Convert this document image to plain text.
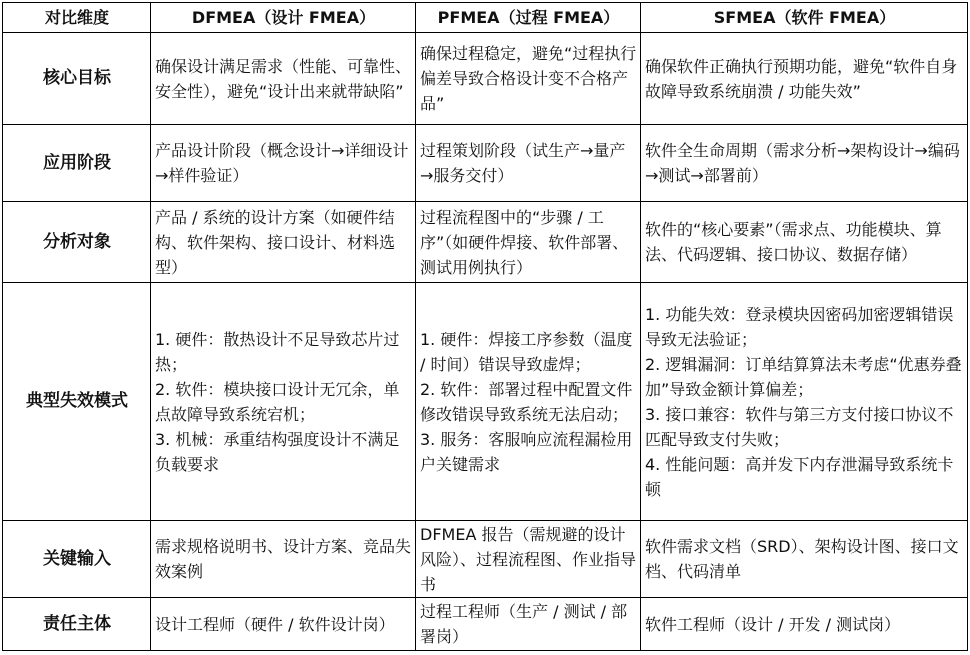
对比维度	DFMEA（设计 FMEA）	PFMEA（过程 FMEA）	SFMEA（软件 FMEA）
核心目标	确保设计满足需求（性能、可靠性、安全性），避免“设计出来就带缺陷”	确保过程稳定，避免“过程执行偏差导致合格设计变不合格产品”	确保软件正确执行预期功能，避免“软件自身故障导致系统崩溃 / 功能失效”

应用阶段	产品设计阶段（概念设计→详细设计→样件验证）	过程策划阶段（试生产→量产→服务交付）	软件全生命周期（需求分析→架构设计→编码→测试→部署前）

分析对象	产品 / 系统的设计方案（如硬件结构、软件架构、接口设计、材料选型）	过程流程图中的“步骤 / 工序”（如硬件焊接、软件部署、测试用例执行）	软件的“核心要素”（需求点、功能模块、算法、代码逻辑、接口协议、数据存储）

典型失效模式	1. 硬件：散热设计不足导致芯片过热；
2. 软件：模块接口设计无冗余，单点故障导致系统宕机；
3. 机械：承重结构强度设计不满足负载要求	1. 硬件：焊接工序参数（温度 / 时间）错误导致虚焊；
2. 软件：部署过程中配置文件修改错误导致系统无法启动；
3. 服务：客服响应流程漏检用户关键需求	1. 功能失效：登录模块因密码加密逻辑错误导致无法验证；
2. 逻辑漏洞：订单结算算法未考虑“优惠券叠加”导致金额计算偏差；
3. 接口兼容：软件与第三方支付接口协议不匹配导致支付失败；
4. 性能问题：高并发下内存泄漏导致系统卡顿

关键输入	需求规格说明书、设计方案、竞品失效案例	DFMEA 报告（需规避的设计风险）、过程流程图、作业指导书	软件需求文档（SRD）、架构设计图、接口文档、代码清单

责任主体	设计工程师（硬件 / 软件设计岗）	过程工程师（生产 / 测试 / 部署岗）	软件工程师（设计 / 开发 / 测试岗）
